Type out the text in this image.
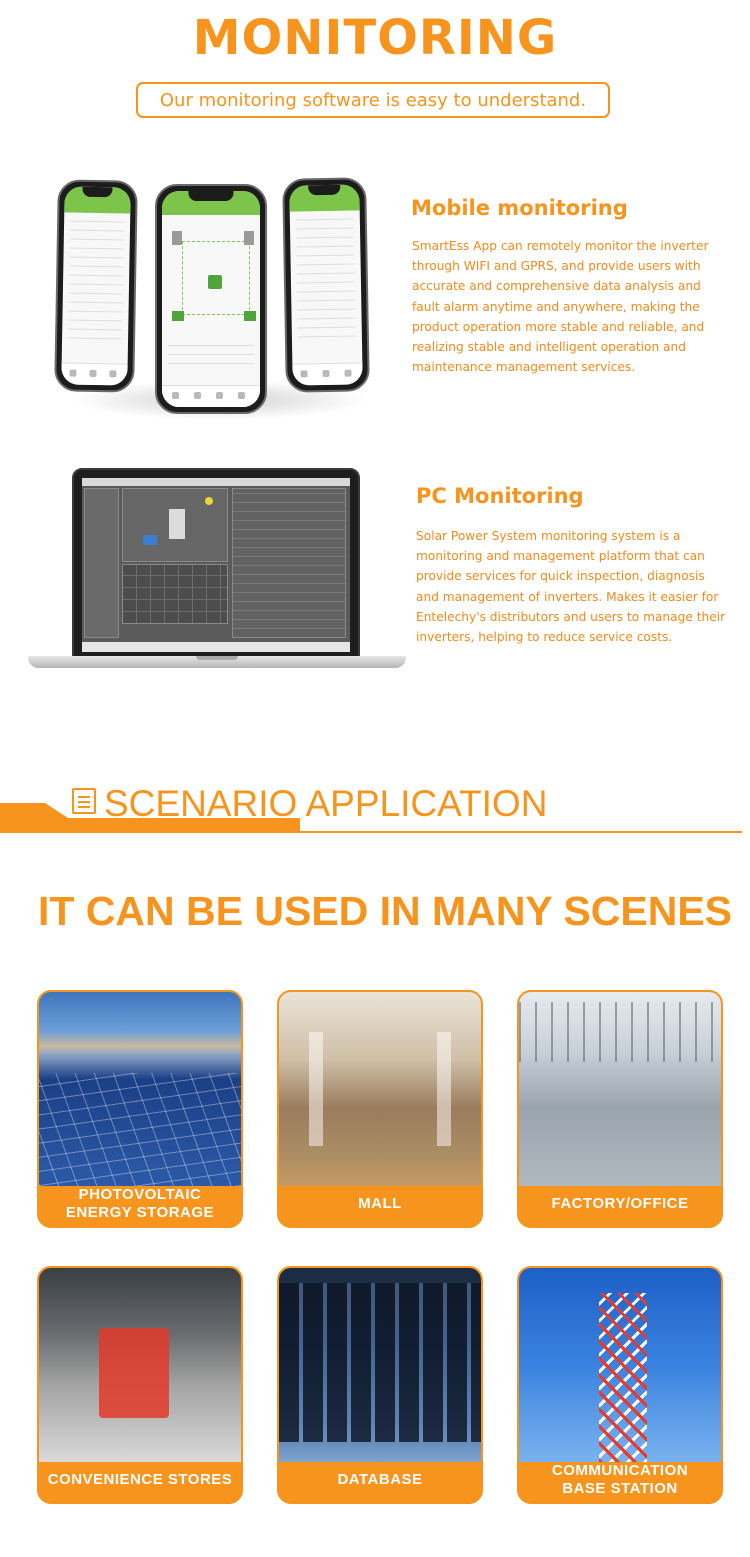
MONITORING
Our monitoring software is easy to understand.
Mobile monitoring

SmartEss App can remotely monitor the inverter through WIFI and GPRS, and provide users with accurate and comprehensive data analysis and fault alarm anytime and anywhere, making the product operation more stable and reliable, and realizing stable and intelligent operation and maintenance management services.

PC Monitoring

Solar Power System monitoring system is a monitoring and management platform that can provide services for quick inspection, diagnosis and management of inverters. Makes it easier for Entelechy's distributors and users to manage their inverters, helping to reduce service costs.

SCENARIO APPLICATION
IT CAN BE USED IN MANY SCENES
PHOTOVOLTAIC
ENERGY STORAGE
MALL	FACTORY/OFFICE
CONVENIENCE STORES	DATABASE
COMMUNICATION
BASE STATION
